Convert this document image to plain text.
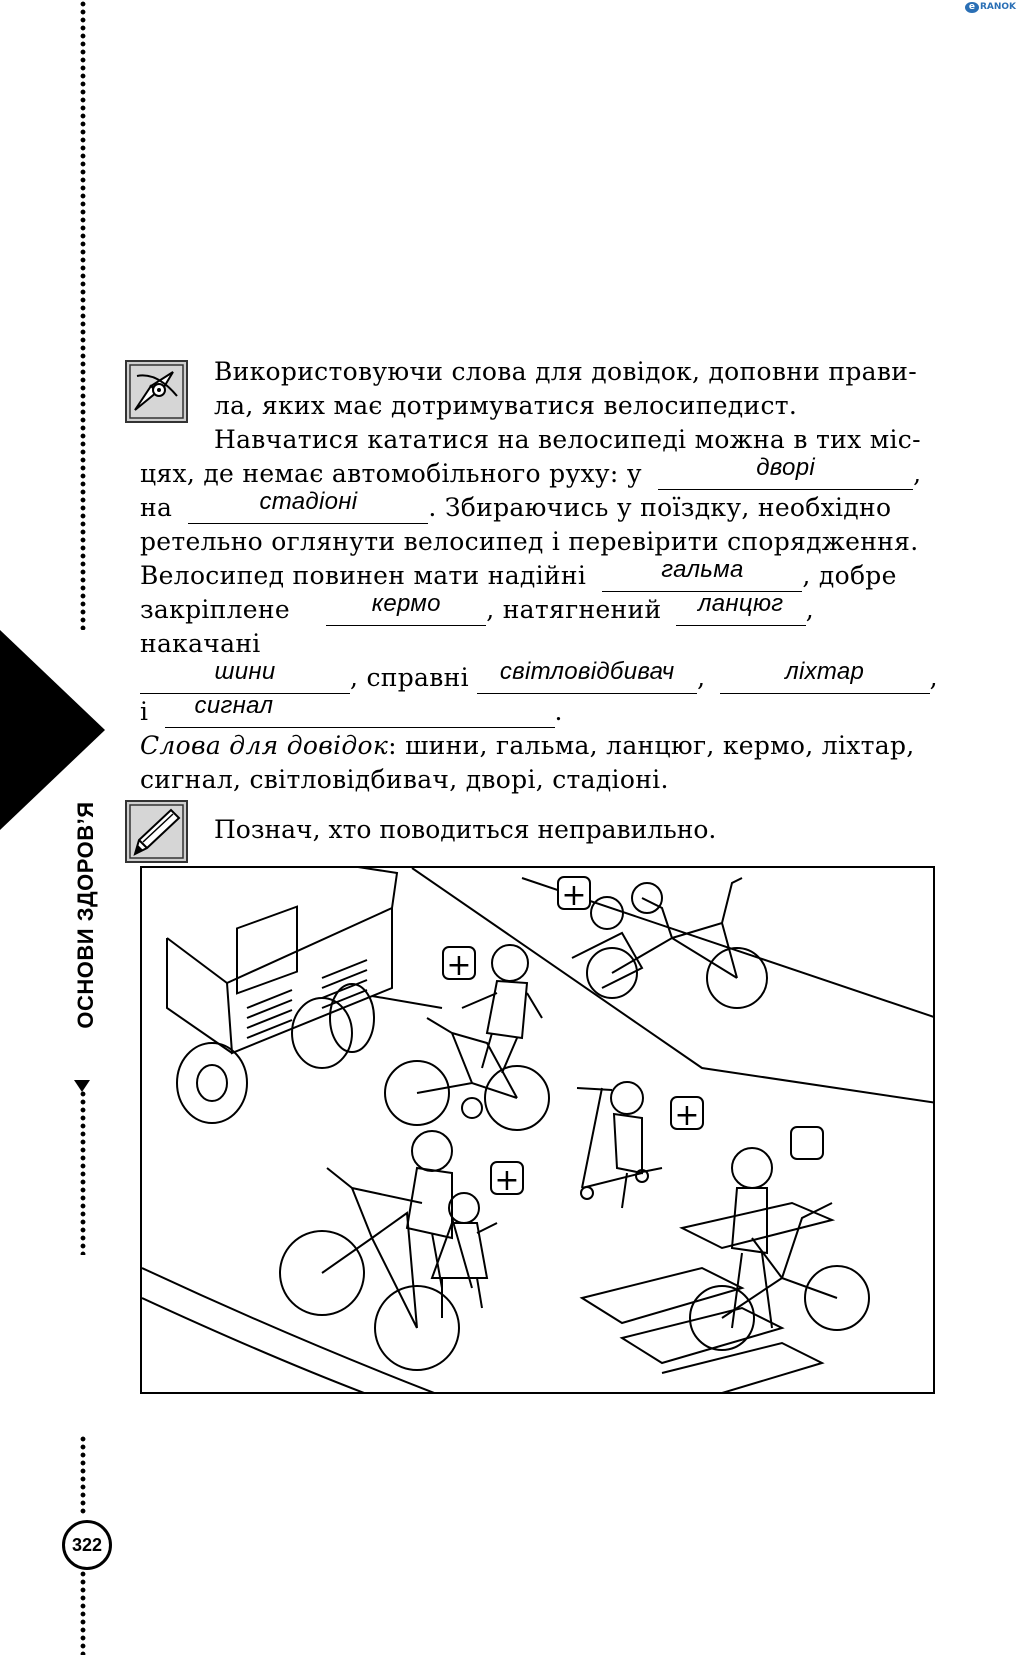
e RANOK
ОСНОВИ ЗДОРОВ’Я
322
Використовуючи слова для довідок, доповни прави-
ла, яких має дотримуватися велосипедист.
Навчатися кататися на велосипеді можна в тих міс-
цях, де немає автомобільного руху: у	дворі	,
на	стадіоні	. Збираючись у поїздку, необхідно
ретельно оглянути велосипед і перевірити спорядження.
Велосипед повинен мати надійні	гальма , добре
закріплене	кермо , натягнений ланцюг , накачані
шини	, справні світловідбивач ,	ліхтар	,
і сигнал	.
Слова для довідок: шини, гальма, ланцюг, кермо, ліхтар, сигнал, світловідбивач, дворі, стадіоні.
Познач, хто поводиться неправильно.
+
+
+
+
